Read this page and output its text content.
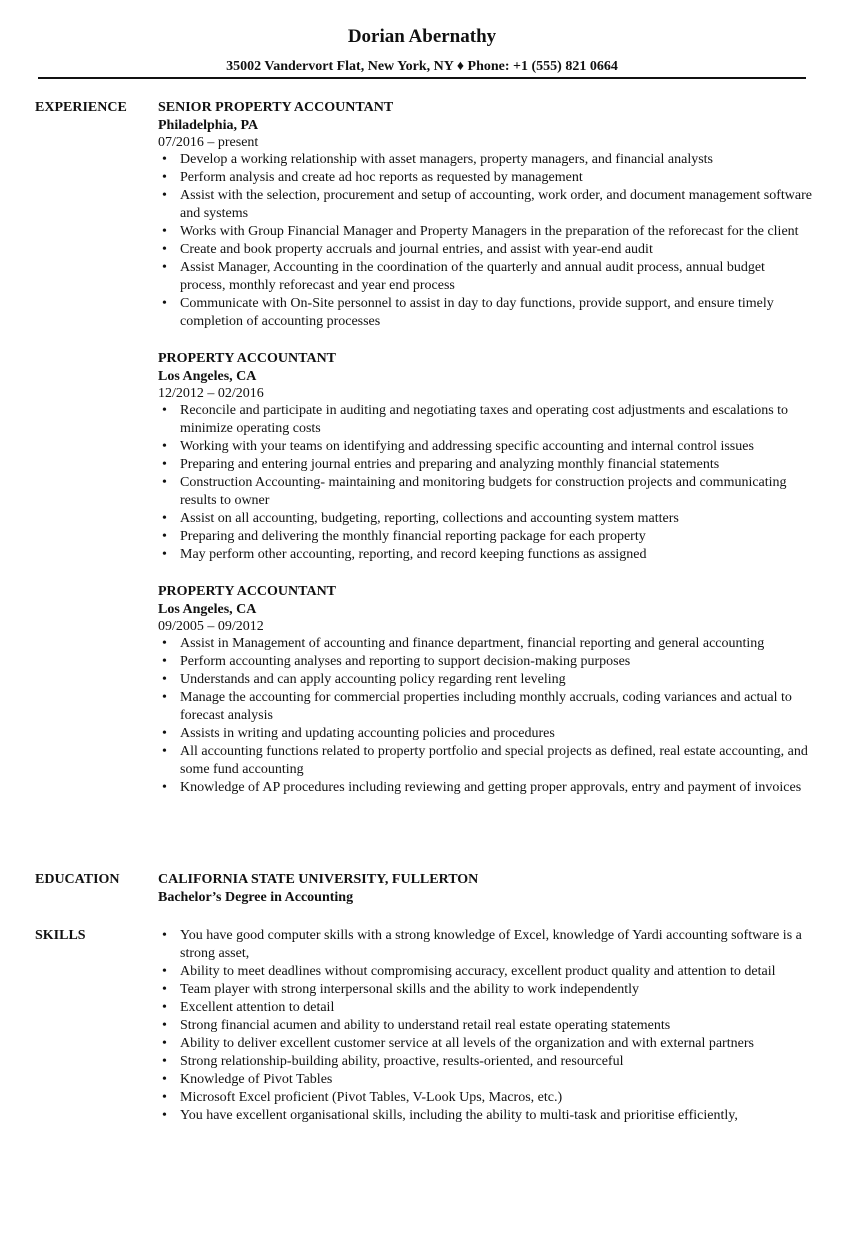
Dorian Abernathy
35002 Vandervort Flat, New York, NY ♦ Phone: +1 (555) 821 0664
EXPERIENCE SENIOR PROPERTY ACCOUNTANT
Philadelphia, PA
07/2016 – present
• Develop a working relationship with asset managers, property managers, and financial analysts
• Perform analysis and create ad hoc reports as requested by management
• Assist with the selection, procurement and setup of accounting, work order, and document management software and systems
• Works with Group Financial Manager and Property Managers in the preparation of the reforecast for the client
• Create and book property accruals and journal entries, and assist with year-end audit
• Assist Manager, Accounting in the coordination of the quarterly and annual audit process, annual budget process, monthly reforecast and year end process
• Communicate with On-Site personnel to assist in day to day functions, provide support, and ensure timely completion of accounting processes
PROPERTY ACCOUNTANT
Los Angeles, CA
12/2012 – 02/2016
• Reconcile and participate in auditing and negotiating taxes and operating cost adjustments and escalations to minimize operating costs
• Working with your teams on identifying and addressing specific accounting and internal control issues
• Preparing and entering journal entries and preparing and analyzing monthly financial statements
• Construction Accounting- maintaining and monitoring budgets for construction projects and communicating results to owner
• Assist on all accounting, budgeting, reporting, collections and accounting system matters
• Preparing and delivering the monthly financial reporting package for each property
• May perform other accounting, reporting, and record keeping functions as assigned
PROPERTY ACCOUNTANT
Los Angeles, CA
09/2005 – 09/2012
• Assist in Management of accounting and finance department, financial reporting and general accounting
• Perform accounting analyses and reporting to support decision-making purposes
• Understands and can apply accounting policy regarding rent leveling
• Manage the accounting for commercial properties including monthly accruals, coding variances and actual to forecast analysis
• Assists in writing and updating accounting policies and procedures
• All accounting functions related to property portfolio and special projects as defined, real estate accounting, and some fund accounting
• Knowledge of AP procedures including reviewing and getting proper approvals, entry and payment of invoices
EDUCATION	CALIFORNIA STATE UNIVERSITY, FULLERTON
Bachelor’s Degree in Accounting
SKILLS
•	You have good computer skills with a strong knowledge of Excel, knowledge of Yardi accounting software is a strong asset,
• Ability to meet deadlines without compromising accuracy, excellent product quality and attention to detail
• Team player with strong interpersonal skills and the ability to work independently
• Excellent attention to detail
• Strong financial acumen and ability to understand retail real estate operating statements
• Ability to deliver excellent customer service at all levels of the organization and with external partners
• Strong relationship-building ability, proactive, results-oriented, and resourceful
• Knowledge of Pivot Tables
• Microsoft Excel proficient (Pivot Tables, V-Look Ups, Macros, etc.)
• You have excellent organisational skills, including the ability to multi-task and prioritise efficiently,
